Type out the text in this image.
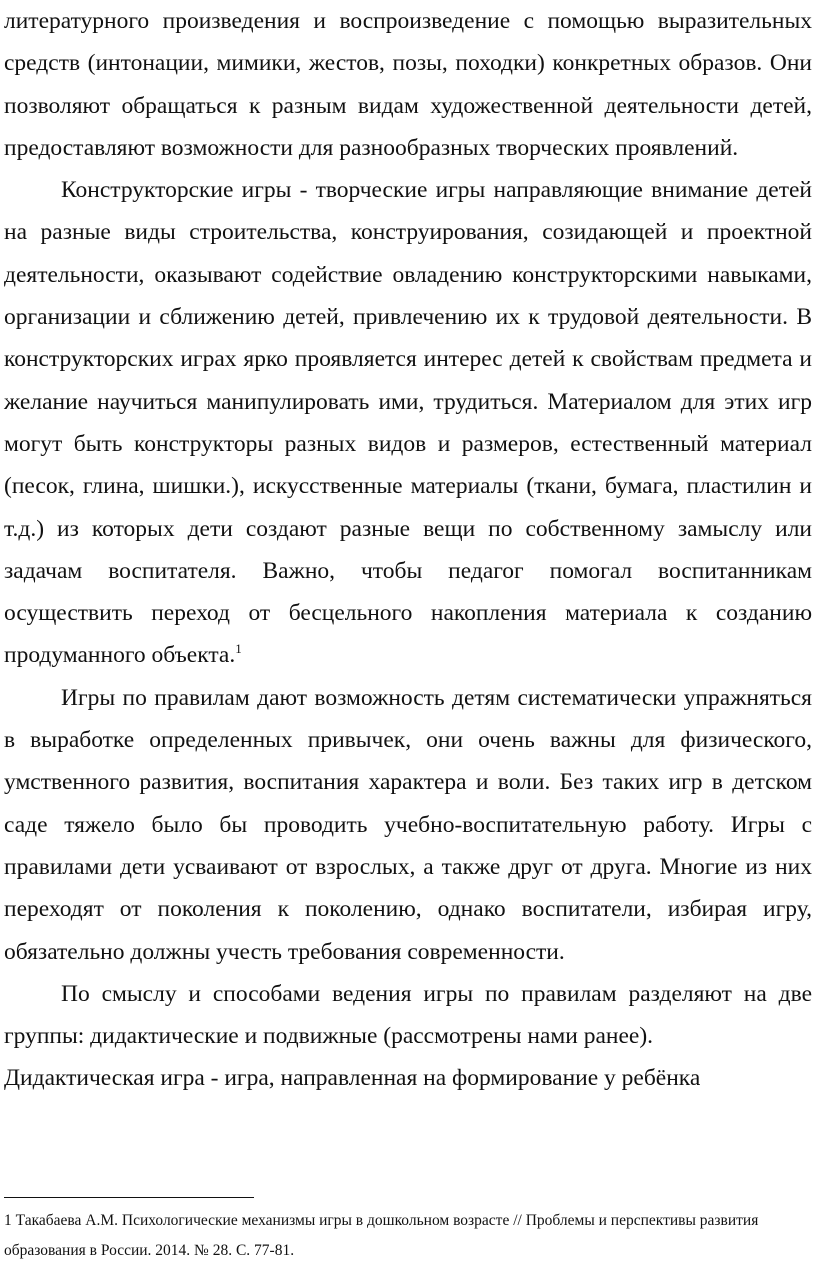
литературного произведения и воспроизведение с помощью выразительных средств (интонации, мимики, жестов, позы, походки) конкретных образов. Они позволяют обращаться к разным видам художественной деятельности детей, предоставляют возможности для разнообразных творческих проявлений.

Конструкторские игры - творческие игры направляющие внимание детей на разные виды строительства, конструирования, созидающей и проектной деятельности, оказывают содействие овладению конструкторскими навыками, организации и сближению детей, привлечению их к трудовой деятельности. В конструкторских играх ярко проявляется интерес детей к свойствам предмета и желание научиться манипулировать ими, трудиться. Материалом для этих игр могут быть конструкторы разных видов и размеров, естественный материал (песок, глина, шишки.), искусственные материалы (ткани, бумага, пластилин и т.д.) из которых дети создают разные вещи по собственному замыслу или задачам воспитателя. Важно, чтобы педагог помогал воспитанникам осуществить переход от бесцельного накопления материала к созданию продуманного объекта.$^1$

Игры по правилам дают возможность детям систематически упражняться в выработке определенных привычек, они очень важны для физического, умственного развития, воспитания характера и воли. Без таких игр в детском саде тяжело было бы проводить учебно-воспитательную работу. Игры с правилами дети усваивают от взрослых, а также друг от друга. Многие из них переходят от поколения к поколению, однако воспитатели, избирая игру, обязательно должны учесть требования современности.

По смыслу и способами ведения игры по правилам разделяют на две группы: дидактические и подвижные (рассмотрены нами ранее).

Дидактическая игра - игра, направленная на формирование у ребёнка

1 Такабаева А.М. Психологические механизмы игры в дошкольном возрасте // Проблемы и перспективы развития образования в России. 2014. № 28. С. 77-81.
